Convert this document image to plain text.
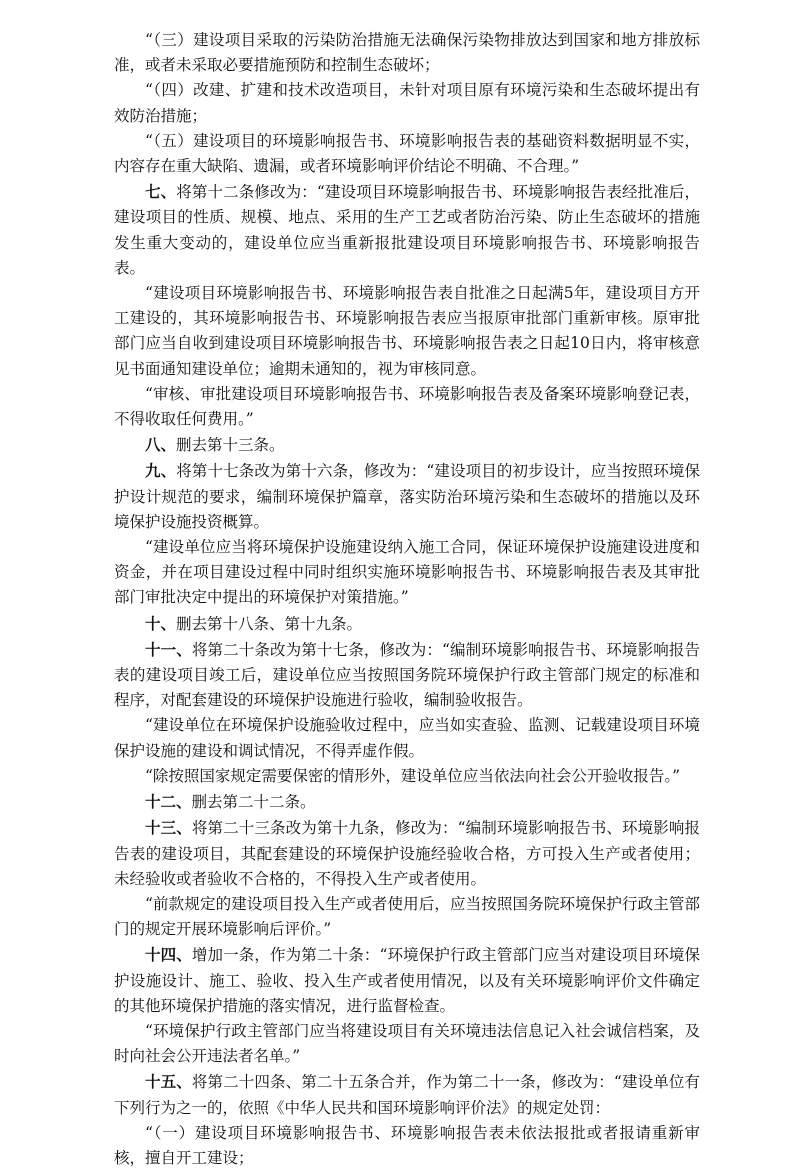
“（三）建设项目采取的污染防治措施无法确保污染物排放达到国家和地方排放标准，或者未采取必要措施预防和控制生态破坏；

“（四）改建、扩建和技术改造项目，未针对项目原有环境污染和生态破坏提出有效防治措施；

“（五）建设项目的环境影响报告书、环境影响报告表的基础资料数据明显不实，内容存在重大缺陷、遗漏，或者环境影响评价结论不明确、不合理。”

七、将第十二条修改为：“建设项目环境影响报告书、环境影响报告表经批准后，建设项目的性质、规模、地点、采用的生产工艺或者防治污染、防止生态破坏的措施发生重大变动的，建设单位应当重新报批建设项目环境影响报告书、环境影响报告表。

“建设项目环境影响报告书、环境影响报告表自批准之日起满5年，建设项目方开工建设的，其环境影响报告书、环境影响报告表应当报原审批部门重新审核。原审批部门应当自收到建设项目环境影响报告书、环境影响报告表之日起10日内，将审核意见书面通知建设单位；逾期未通知的，视为审核同意。

“审核、审批建设项目环境影响报告书、环境影响报告表及备案环境影响登记表，不得收取任何费用。”

八、删去第十三条。

九、将第十七条改为第十六条，修改为：“建设项目的初步设计，应当按照环境保护设计规范的要求，编制环境保护篇章，落实防治环境污染和生态破坏的措施以及环境保护设施投资概算。

“建设单位应当将环境保护设施建设纳入施工合同，保证环境保护设施建设进度和资金，并在项目建设过程中同时组织实施环境影响报告书、环境影响报告表及其审批部门审批决定中提出的环境保护对策措施。”

十、删去第十八条、第十九条。

十一、将第二十条改为第十七条，修改为：“编制环境影响报告书、环境影响报告表的建设项目竣工后，建设单位应当按照国务院环境保护行政主管部门规定的标准和程序，对配套建设的环境保护设施进行验收，编制验收报告。

“建设单位在环境保护设施验收过程中，应当如实查验、监测、记载建设项目环境保护设施的建设和调试情况，不得弄虚作假。

“除按照国家规定需要保密的情形外，建设单位应当依法向社会公开验收报告。”

十二、删去第二十二条。

十三、将第二十三条改为第十九条，修改为：“编制环境影响报告书、环境影响报告表的建设项目，其配套建设的环境保护设施经验收合格，方可投入生产或者使用；未经验收或者验收不合格的，不得投入生产或者使用。

“前款规定的建设项目投入生产或者使用后，应当按照国务院环境保护行政主管部门的规定开展环境影响后评价。”

十四、增加一条，作为第二十条：“环境保护行政主管部门应当对建设项目环境保护设施设计、施工、验收、投入生产或者使用情况，以及有关环境影响评价文件确定的其他环境保护措施的落实情况，进行监督检查。

“环境保护行政主管部门应当将建设项目有关环境违法信息记入社会诚信档案，及时向社会公开违法者名单。”

十五、将第二十四条、第二十五条合并，作为第二十一条，修改为：“建设单位有下列行为之一的，依照《中华人民共和国环境影响评价法》的规定处罚：

“（一）建设项目环境影响报告书、环境影响报告表未依法报批或者报请重新审核，擅自开工建设；
